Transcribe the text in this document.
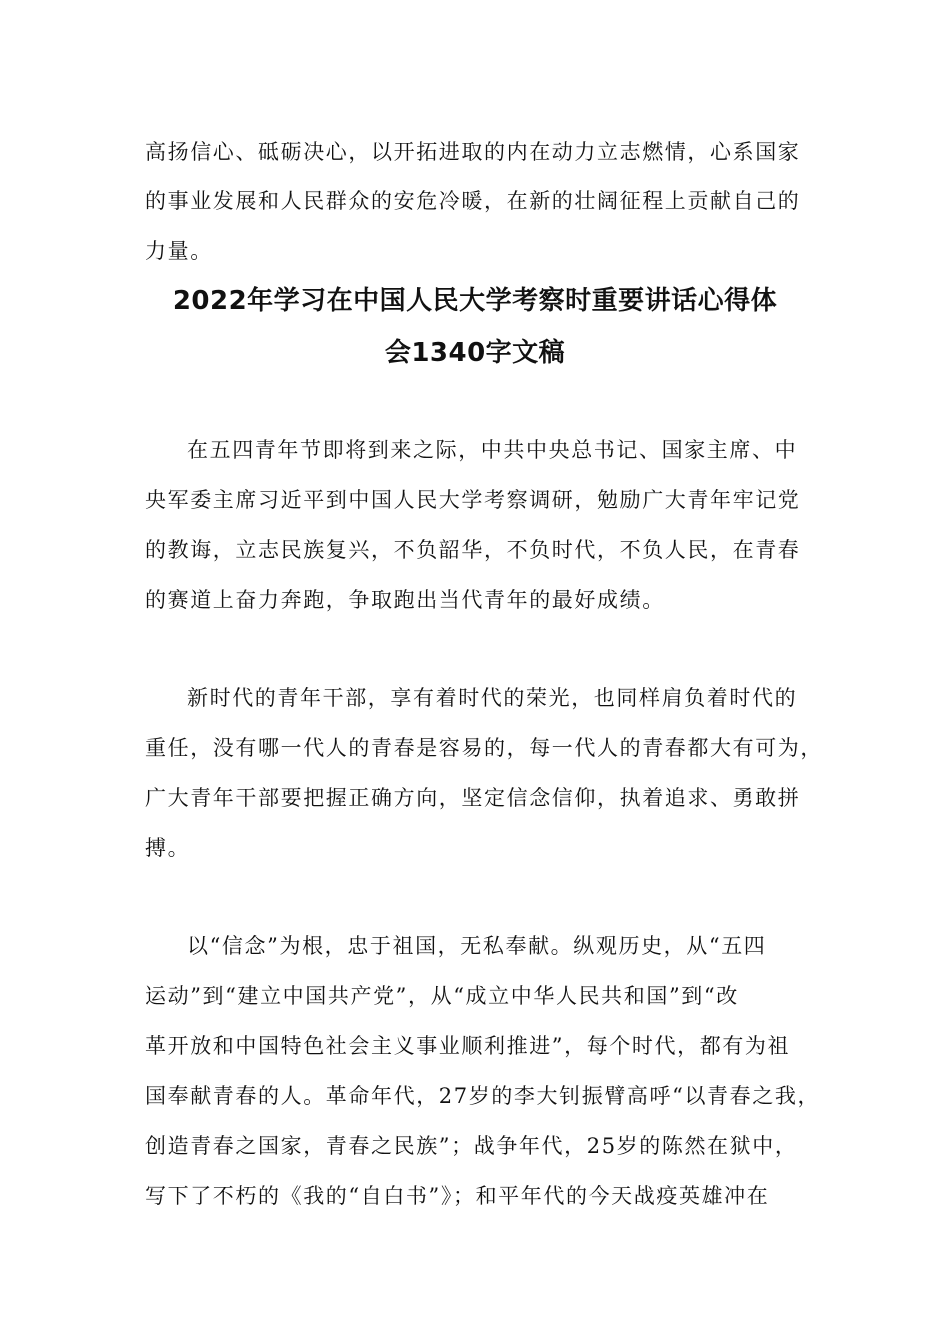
高扬信心、砥砺决心，以开拓进取的内在动力立志燃情，心系国家
的事业发展和人民群众的安危冷暖，在新的壮阔征程上贡献自己的
力量。
2022年学习在中国人民大学考察时重要讲话心得体
会1340字文稿
在五四青年节即将到来之际，中共中央总书记、国家主席、中
央军委主席习近平到中国人民大学考察调研，勉励广大青年牢记党
的教诲，立志民族复兴，不负韶华，不负时代，不负人民，在青春
的赛道上奋力奔跑，争取跑出当代青年的最好成绩。
新时代的青年干部，享有着时代的荣光，也同样肩负着时代的
重任，没有哪一代人的青春是容易的，每一代人的青春都大有可为，
广大青年干部要把握正确方向，坚定信念信仰，执着追求、勇敢拼
搏。
以“信念”为根，忠于祖国，无私奉献。纵观历史，从“五四
运动”到“建立中国共产党”，从“成立中华人民共和国”到“改
革开放和中国特色社会主义事业顺利推进”，每个时代，都有为祖
国奉献青春的人。革命年代，27岁的李大钊振臂高呼“以青春之我，
创造青春之国家，青春之民族”；战争年代，25岁的陈然在狱中，
写下了不朽的《我的“自白书”》；和平年代的今天战疫英雄冲在
